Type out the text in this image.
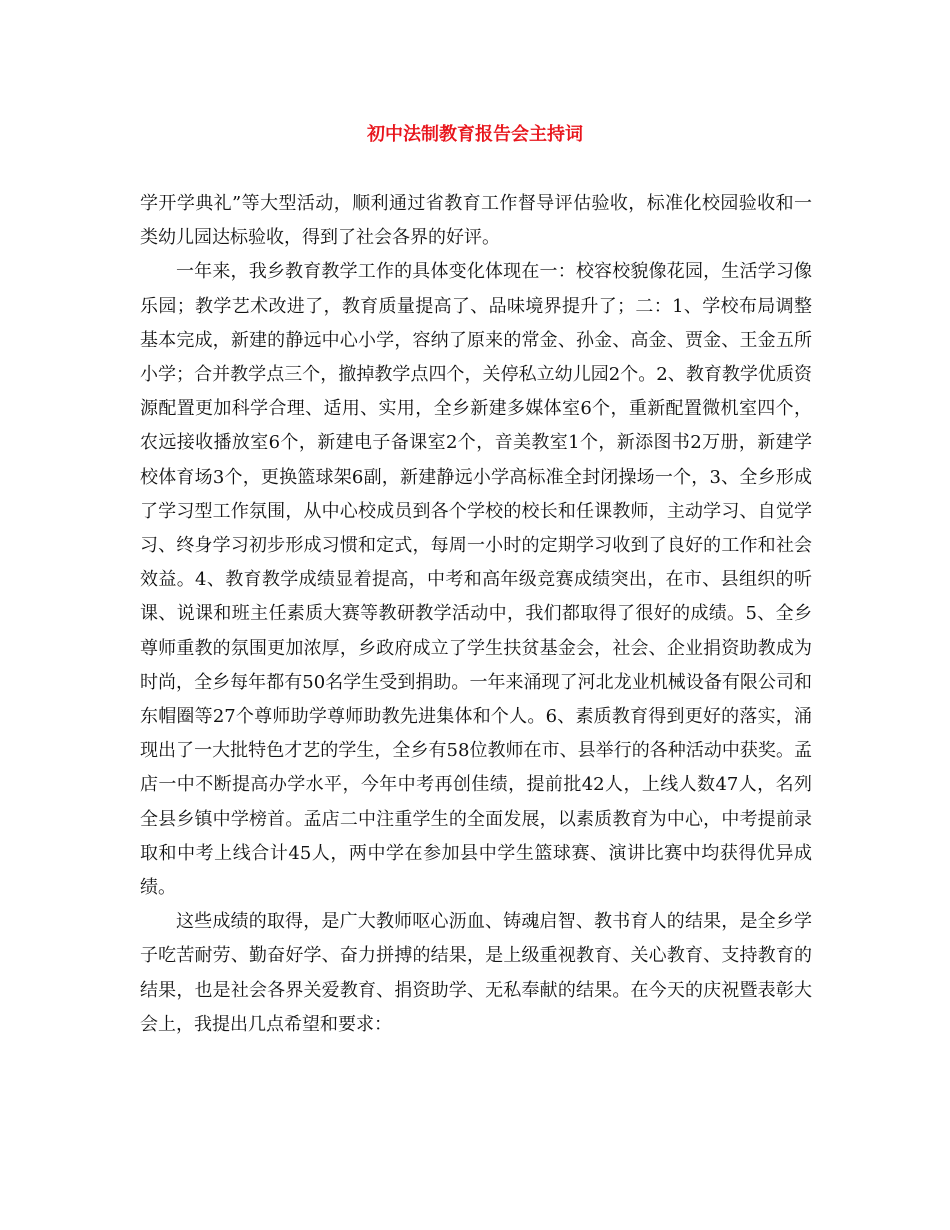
初中法制教育报告会主持词

学开学典礼”等大型活动，顺利通过省教育工作督导评估验收，标准化校园验收和一类幼儿园达标验收，得到了社会各界的好评。

一年来，我乡教育教学工作的具体变化体现在一：校容校貌像花园，生活学习像乐园；教学艺术改进了，教育质量提高了、品味境界提升了；二：1、学校布局调整基本完成，新建的静远中心小学，容纳了原来的常金、孙金、高金、贾金、王金五所小学；合并教学点三个，撤掉教学点四个，关停私立幼儿园2个。2、教育教学优质资源配置更加科学合理、适用、实用，全乡新建多媒体室6个，重新配置微机室四个，农远接收播放室6个，新建电子备课室2个，音美教室1个，新添图书2万册，新建学校体育场3个，更换篮球架6副，新建静远小学高标准全封闭操场一个，3、全乡形成了学习型工作氛围，从中心校成员到各个学校的校长和任课教师，主动学习、自觉学习、终身学习初步形成习惯和定式，每周一小时的定期学习收到了良好的工作和社会效益。4、教育教学成绩显着提高，中考和高年级竞赛成绩突出，在市、县组织的听课、说课和班主任素质大赛等教研教学活动中，我们都取得了很好的成绩。5、全乡尊师重教的氛围更加浓厚，乡政府成立了学生扶贫基金会，社会、企业捐资助教成为时尚，全乡每年都有50名学生受到捐助。一年来涌现了河北龙业机械设备有限公司和东帽圈等27个尊师助学尊师助教先进集体和个人。6、素质教育得到更好的落实，涌现出了一大批特色才艺的学生，全乡有58位教师在市、县举行的各种活动中获奖。孟店一中不断提高办学水平，今年中考再创佳绩，提前批42人，上线人数47人，名列全县乡镇中学榜首。孟店二中注重学生的全面发展，以素质教育为中心，中考提前录取和中考上线合计45人，两中学在参加县中学生篮球赛、演讲比赛中均获得优异成绩。

这些成绩的取得，是广大教师呕心沥血、铸魂启智、教书育人的结果，是全乡学子吃苦耐劳、勤奋好学、奋力拼搏的结果，是上级重视教育、关心教育、支持教育的结果，也是社会各界关爱教育、捐资助学、无私奉献的结果。在今天的庆祝暨表彰大会上，我提出几点希望和要求：
